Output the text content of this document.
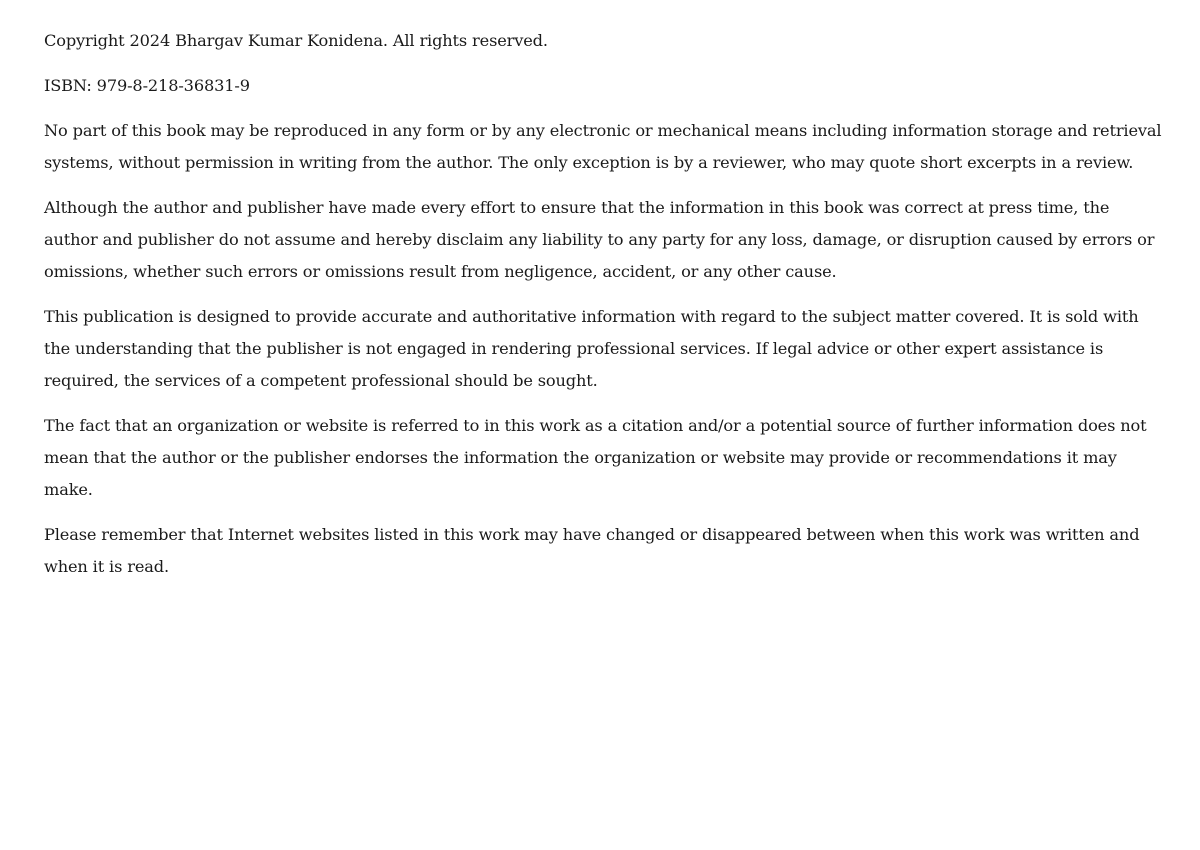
Copyright 2024 Bhargav Kumar Konidena. All rights reserved.

ISBN: 979-8-218-36831-9

No part of this book may be reproduced in any form or by any electronic or mechanical means including information storage and retrieval systems, without permission in writing from the author. The only exception is by a reviewer, who may quote short excerpts in a review.

Although the author and publisher have made every effort to ensure that the information in this book was correct at press time, the author and publisher do not assume and hereby disclaim any liability to any party for any loss, damage, or disruption caused by errors or omissions, whether such errors or omissions result from negligence, accident, or any other cause.

This publication is designed to provide accurate and authoritative information with regard to the subject matter covered. It is sold with the understanding that the publisher is not engaged in rendering professional services. If legal advice or other expert assistance is required, the services of a competent professional should be sought.

The fact that an organization or website is referred to in this work as a citation and/or a potential source of further information does not mean that the author or the publisher endorses the information the organization or website may provide or recommendations it may make.

Please remember that Internet websites listed in this work may have changed or disappeared between when this work was written and when it is read.
